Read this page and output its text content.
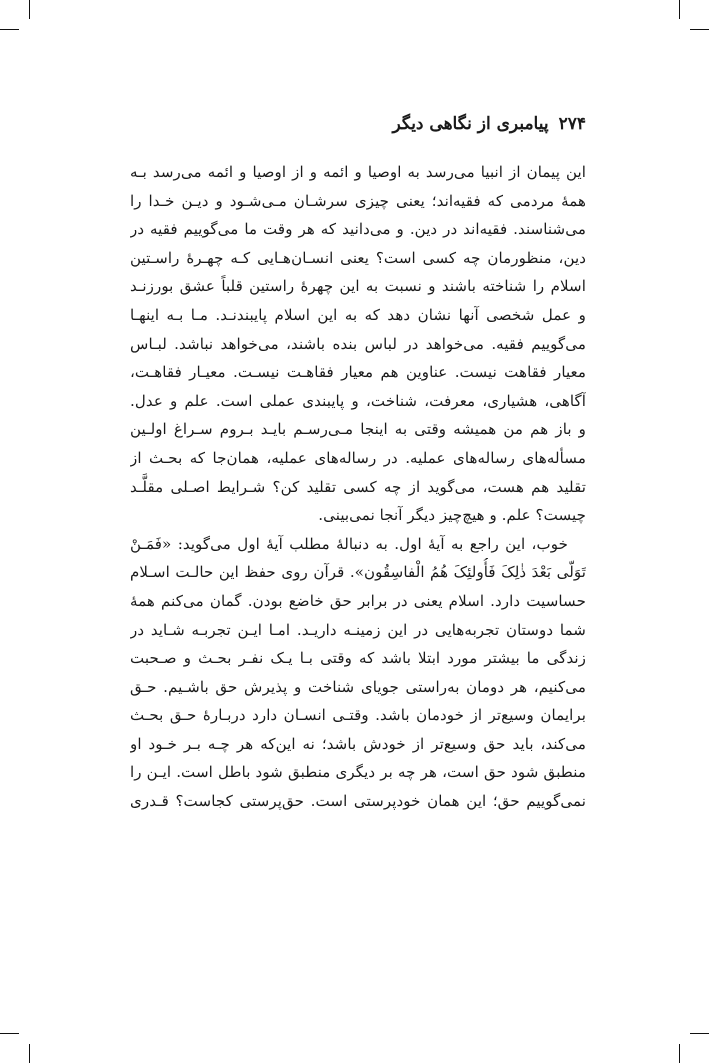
۲۷۴پیامبری از نگاهی دیگر
این پیمان از انبیا می‌رسد به اوصیا و ائمه و از اوصیا و ائمه می‌رسد بـه
همهٔ مردمی که فقیه‌اند؛ یعنی چیزی سرشـان مـی‌شـود و دیـن خـدا را
می‌شناسند. فقیه‌اند در دین. و می‌دانید که هر وقت ما می‌گوییم فقیه در
دین، منظورمان چه کسی است؟ یعنی انسـان‌هـایی کـه چهـرهٔ راسـتین
اسلام را شناخته باشند و نسبت به این چهرهٔ راستین قلباً عشق بورزنـد
و عمل شخصی آنها نشان دهد که به این اسلام پایبندنـد. مـا بـه اینهـا
می‌گوییم فقیه. می‌خواهد در لباس بنده باشند، می‌خواهد نباشد. لبـاس
معیار فقاهت نیست. عناوین هم معیار فقاهـت نیسـت. معیـار فقاهـت،
آگاهی، هشیاری، معرفت، شناخت، و پایبندی عملی است. علم و عدل.
و باز هم من همیشه وقتی به اینجا مـی‌رسـم بایـد بـروم سـراغ اولـین
مسأله‌های رساله‌های عملیه. در رساله‌های عملیه، همان‌جا که بحـث از
تقلید هم هست، می‌گوید از چه کسی تقلید کن؟ شـرایط اصـلی مقلَّـد
چیست؟ علم. و هیچ‌چیز دیگر آنجا نمی‌بینی.
خوب، این راجع به آیهٔ اول. به دنبالهٔ مطلب آیهٔ اول می‌گوید: «فَمَـنْ
تَوَلّی بَعْدَ ذٰلِکَ فَأُولئِکَ هُمُ الْفاسِقُون». قرآن روی حفظ این حالـت اسـلام
حساسیت دارد. اسلام یعنی در برابر حق خاضع بودن. گمان می‌کنم همهٔ
شما دوستان تجربه‌هایی در این زمینـه داریـد. امـا ایـن تجربـه شـاید در
زندگی ما بیشتر مورد ابتلا باشد که وقتی بـا یـک نفـر بحـث و صـحبت
می‌کنیم، هر دومان به‌راستی جویای شناخت و پذیرش حق باشـیم. حـق
برایمان وسیع‌تر از خودمان باشد. وقتـی انسـان دارد دربـارهٔ حـق بحـث
می‌کند، باید حق وسیع‌تر از خودش باشد؛ نه این‌که هر چـه بـر خـود او
منطبق شود حق است، هر چه بر دیگری منطبق شود باطل است. ایـن را
نمی‌گوییم حق؛ این همان خودپرستی است. حق‌پرستی کجاست؟ قـدری
